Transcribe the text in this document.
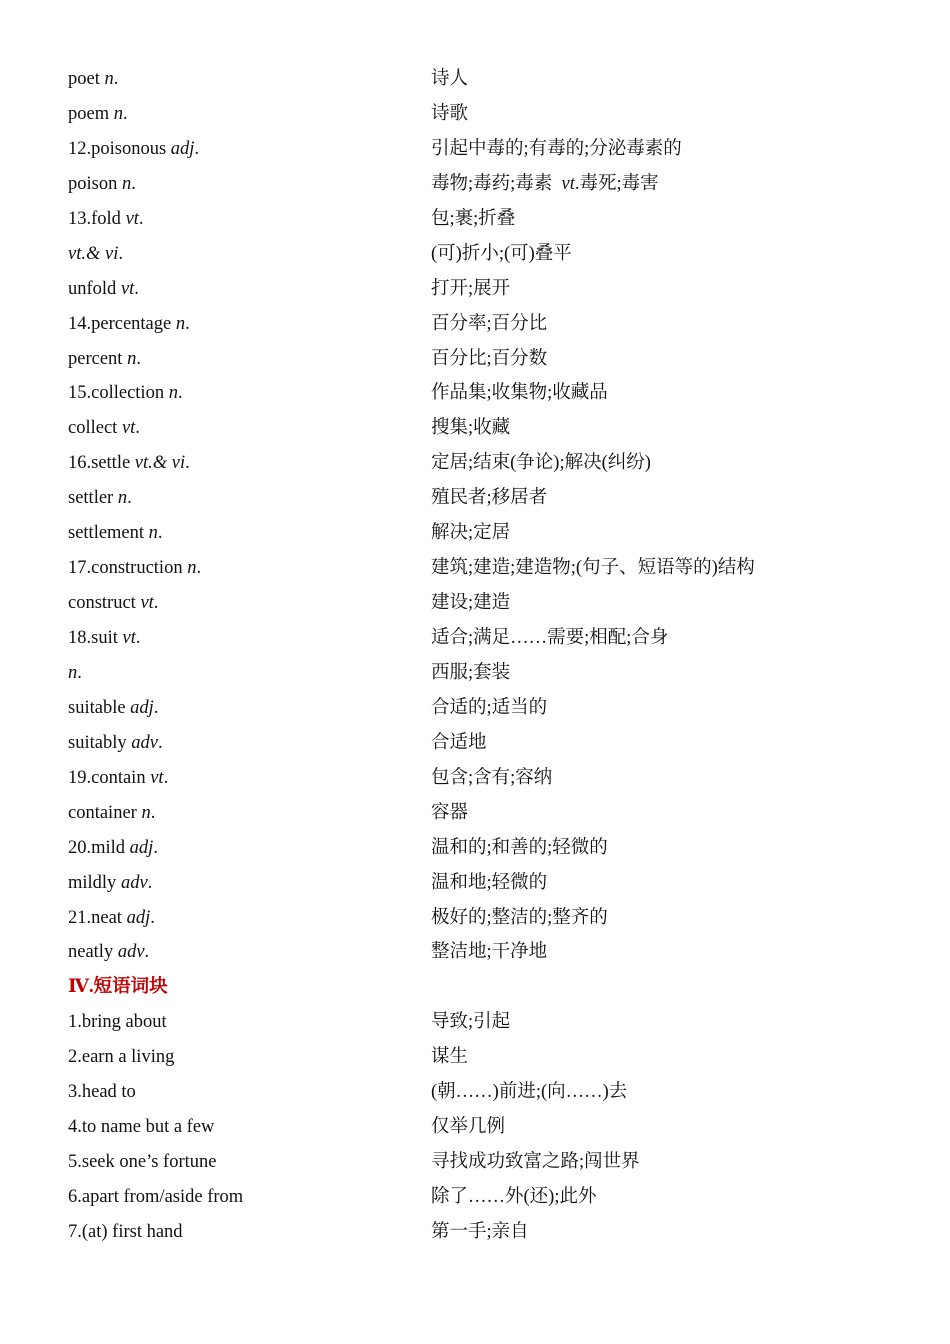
poet n.	诗人
poem n.	诗歌
12.poisonous adj.	引起中毒的;有毒的;分泌毒素的
poison n.	毒物;毒药;毒素  vt.毒死;毒害
13.fold vt.	包;裹;折叠
vt.& vi.	(可)折小;(可)叠平
unfold vt.	打开;展开
14.percentage n.	百分率;百分比
percent n.	百分比;百分数
15.collection n.	作品集;收集物;收藏品
collect vt.	搜集;收藏
16.settle vt.& vi.	定居;结束(争论);解决(纠纷)
settler n.	殖民者;移居者
settlement n.	解决;定居
17.construction n.	建筑;建造;建造物;(句子、短语等的)结构
construct vt.	建设;建造
18.suit vt.	适合;满足……需要;相配;合身
n.	西服;套装
suitable adj.	合适的;适当的
suitably adv.	合适地
19.contain vt.	包含;含有;容纳
container n.	容器
20.mild adj.	温和的;和善的;轻微的
mildly adv.	温和地;轻微的
21.neat adj.	极好的;整洁的;整齐的
neatly adv.	整洁地;干净地
Ⅳ.短语词块
1.bring about	导致;引起
2.earn a living	谋生
3.head to	(朝……)前进;(向……)去
4.to name but a few	仅举几例
5.seek one’s fortune	寻找成功致富之路;闯世界
6.apart from/aside from	除了……外(还);此外
7.(at) first hand	第一手;亲自
